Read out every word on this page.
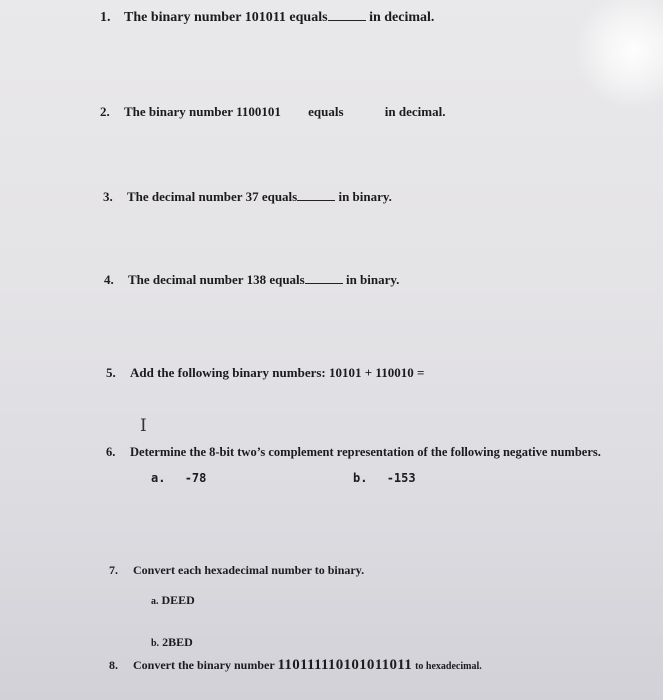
1. The binary number 101011 equals	in decimal.
2. The binary number 1100101 equals	in decimal.
3. The decimal number 37 equals	in binary.
4. The decimal number 138 equals	in binary.
5. Add the following binary numbers: 10101 + 110010 =
I
6. Determine the 8-bit two’s complement representation of the following negative numbers.
a. -78	b. -153
7. Convert each hexadecimal number to binary.
a. DEED
b. 2BED
8. Convert the binary number 110111110101011011 to hexadecimal.
